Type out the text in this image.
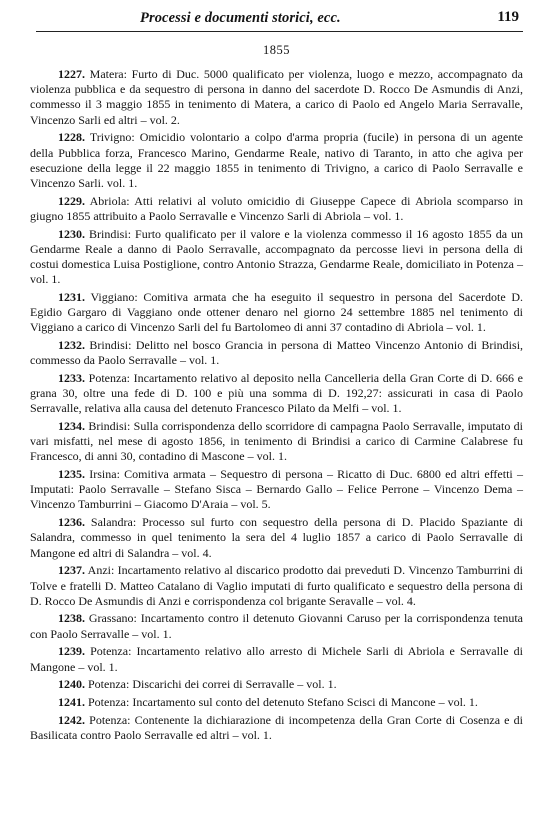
Processi e documenti storici, ecc.	119
1855

1227. Matera: Furto di Duc. 5000 qualificato per violenza, luogo e mezzo, accompagnato da violenza pubblica e da sequestro di persona in danno del sacerdote D. Rocco De Asmundis di Anzi, commesso il 3 maggio 1855 in tenimento di Matera, a carico di Paolo ed Angelo Maria Serravalle, Vincenzo Sarli ed altri – vol. 2.

1228. Trivigno: Omicidio volontario a colpo d'arma propria (fucile) in persona di un agente della Pubblica forza, Francesco Marino, Gendarme Reale, nativo di Taranto, in atto che agiva per esecuzione della legge il 22 maggio 1855 in tenimento di Trivigno, a carico di Paolo Serravalle e Vincenzo Sarli. vol. 1.

1229. Abriola: Atti relativi al voluto omicidio di Giuseppe Capece di Abriola scomparso in giugno 1855 attribuito a Paolo Serravalle e Vincenzo Sarli di Abriola – vol. 1.

1230. Brindisi: Furto qualificato per il valore e la violenza commesso il 16 agosto 1855 da un Gendarme Reale a danno di Paolo Serravalle, accompagnato da percosse lievi in persona della di costui domestica Luisa Postiglione, contro Antonio Strazza, Gendarme Reale, domiciliato in Potenza – vol. 1.

1231. Viggiano: Comitiva armata che ha eseguito il sequestro in persona del Sacerdote D. Egidio Gargaro di Vaggiano onde ottener denaro nel giorno 24 settembre 1885 nel tenimento di Viggiano a carico di Vincenzo Sarli del fu Bartolomeo di anni 37 contadino di Abriola – vol. 1.

1232. Brindisi: Delitto nel bosco Grancia in persona di Matteo Vincenzo Antonio di Brindisi, commesso da Paolo Serravalle – vol. 1.

1233. Potenza: Incartamento relativo al deposito nella Cancelleria della Gran Corte di D. 666 e grana 30, oltre una fede di D. 100 e più una somma di D. 192,27: assicurati in casa di Paolo Serravalle, relativa alla causa del detenuto Francesco Pilato da Melfi – vol. 1.

1234. Brindisi: Sulla corrispondenza dello scorridore di campagna Paolo Serravalle, imputato di vari misfatti, nel mese di agosto 1856, in tenimento di Brindisi a carico di Carmine Calabrese fu Francesco, di anni 30, contadino di Mascone – vol. 1.

1235. Irsina: Comitiva armata – Sequestro di persona – Ricatto di Duc. 6800 ed altri effetti – Imputati: Paolo Serravalle – Stefano Sisca – Bernardo Gallo – Felice Perrone – Vincenzo Dema – Vincenzo Tamburrini – Giacomo D'Araia – vol. 5.

1236. Salandra: Processo sul furto con sequestro della persona di D. Placido Spaziante di Salandra, commesso in quel tenimento la sera del 4 luglio 1857 a carico di Paolo Serravalle di Mangone ed altri di Salandra – vol. 4.

1237. Anzi: Incartamento relativo al discarico prodotto dai preveduti D. Vincenzo Tamburrini di Tolve e fratelli D. Matteo Catalano di Vaglio imputati di furto qualificato e sequestro della persona di D. Rocco De Asmundis di Anzi e corrispondenza col brigante Seravalle – vol. 4.

1238. Grassano: Incartamento contro il detenuto Giovanni Caruso per la corrispondenza tenuta con Paolo Serravalle – vol. 1.

1239. Potenza: Incartamento relativo allo arresto di Michele Sarli di Abriola e Serravalle di Mangone – vol. 1.

1240. Potenza: Discarichi dei correi di Serravalle – vol. 1.

1241. Potenza: Incartamento sul conto del detenuto Stefano Scisci di Mancone – vol. 1.

1242. Potenza: Contenente la dichiarazione di incompetenza della Gran Corte di Cosenza e di Basilicata contro Paolo Serravalle ed altri – vol. 1.
